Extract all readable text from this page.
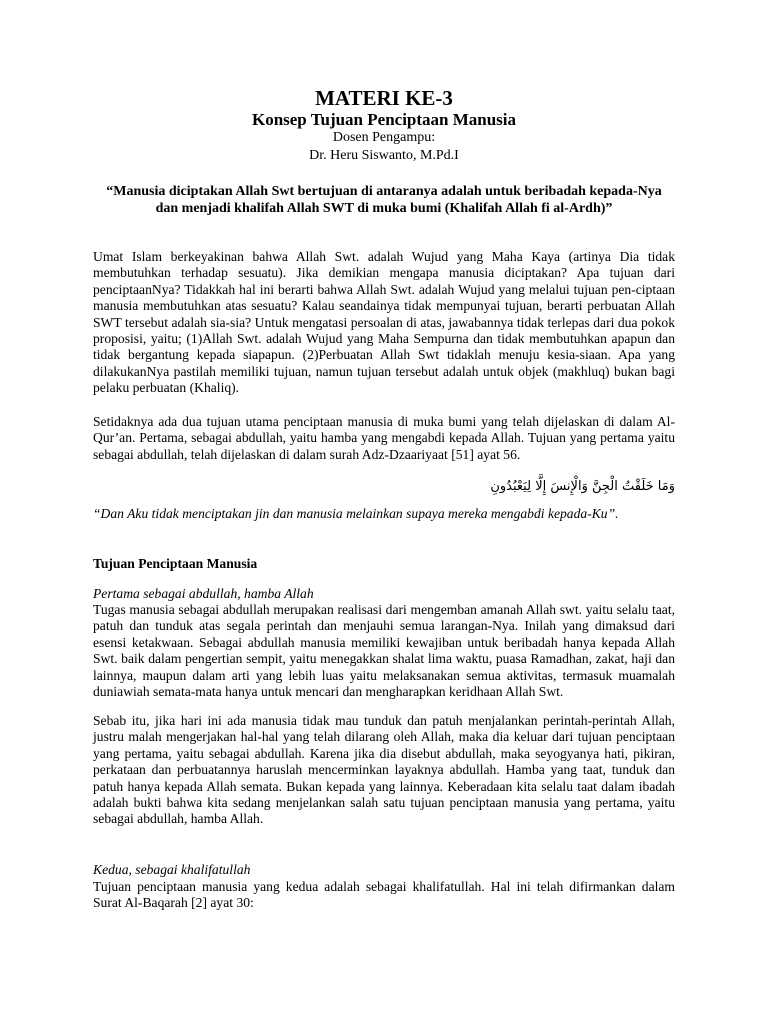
MATERI KE-3
Konsep Tujuan Penciptaan Manusia
Dosen Pengampu:
Dr. Heru Siswanto, M.Pd.I
“Manusia diciptakan Allah Swt bertujuan di antaranya adalah untuk beribadah kepada-Nya dan menjadi khalifah Allah SWT di muka bumi (Khalifah Allah fi al-Ardh)”
Umat Islam berkeyakinan bahwa Allah Swt. adalah Wujud yang Maha Kaya (artinya Dia tidak membutuhkan terhadap sesuatu). Jika demikian mengapa manusia diciptakan? Apa tujuan dari penciptaanNya? Tidakkah hal ini berarti bahwa Allah Swt. adalah Wujud yang melalui tujuan pen-ciptaan manusia membutuhkan atas sesuatu? Kalau seandainya tidak mempunyai tujuan, berarti perbuatan Allah SWT tersebut adalah sia-sia? Untuk mengatasi persoalan di atas, jawabannya tidak terlepas dari dua pokok proposisi, yaitu; (1)Allah Swt. adalah Wujud yang Maha Sempurna dan tidak membutuhkan apapun dan tidak bergantung kepada siapapun. (2)Perbuatan Allah Swt tidaklah menuju kesia-siaan. Apa yang dilakukanNya pastilah memiliki tujuan, namun tujuan tersebut adalah untuk objek (makhluq) bukan bagi pelaku perbuatan (Khaliq).
Setidaknya ada dua tujuan utama penciptaan manusia di muka bumi yang telah dijelaskan di dalam Al-Qur’an. Pertama, sebagai abdullah, yaitu hamba yang mengabdi kepada Allah. Tujuan yang pertama yaitu sebagai abdullah, telah dijelaskan di dalam surah Adz-Dzaariyaat [51] ayat 56.
وَمَا خَلَقْتُ الْجِنَّ وَالْإِنسَ إِلَّا لِيَعْبُدُونِ
“Dan Aku tidak menciptakan jin dan manusia melainkan supaya mereka mengabdi kepada-Ku”.
Tujuan Penciptaan Manusia
Pertama sebagai abdullah, hamba Allah
Tugas manusia sebagai abdullah merupakan realisasi dari mengemban amanah Allah swt. yaitu selalu taat, patuh dan tunduk atas segala perintah dan menjauhi semua larangan-Nya. Inilah yang dimaksud dari esensi ketakwaan. Sebagai abdullah manusia memiliki kewajiban untuk beribadah hanya kepada Allah Swt. baik dalam pengertian sempit, yaitu menegakkan shalat lima waktu, puasa Ramadhan, zakat, haji dan lainnya, maupun dalam arti yang lebih luas yaitu melaksanakan semua aktivitas, termasuk muamalah duniawiah semata-mata hanya untuk mencari dan mengharapkan keridhaan Allah Swt.
Sebab itu, jika hari ini ada manusia tidak mau tunduk dan patuh menjalankan perintah-perintah Allah, justru malah mengerjakan hal-hal yang telah dilarang oleh Allah, maka dia keluar dari tujuan penciptaan yang pertama, yaitu sebagai abdullah. Karena jika dia disebut abdullah, maka seyogyanya hati, pikiran, perkataan dan perbuatannya haruslah mencerminkan layaknya abdullah. Hamba yang taat, tunduk dan patuh hanya kepada Allah semata. Bukan kepada yang lainnya. Keberadaan kita selalu taat dalam ibadah adalah bukti bahwa kita sedang menjelankan salah satu tujuan penciptaan manusia yang pertama, yaitu sebagai abdullah, hamba Allah.
Kedua, sebagai khalifatullah
Tujuan penciptaan manusia yang kedua adalah sebagai khalifatullah. Hal ini telah difirmankan dalam Surat Al-Baqarah [2] ayat 30:
